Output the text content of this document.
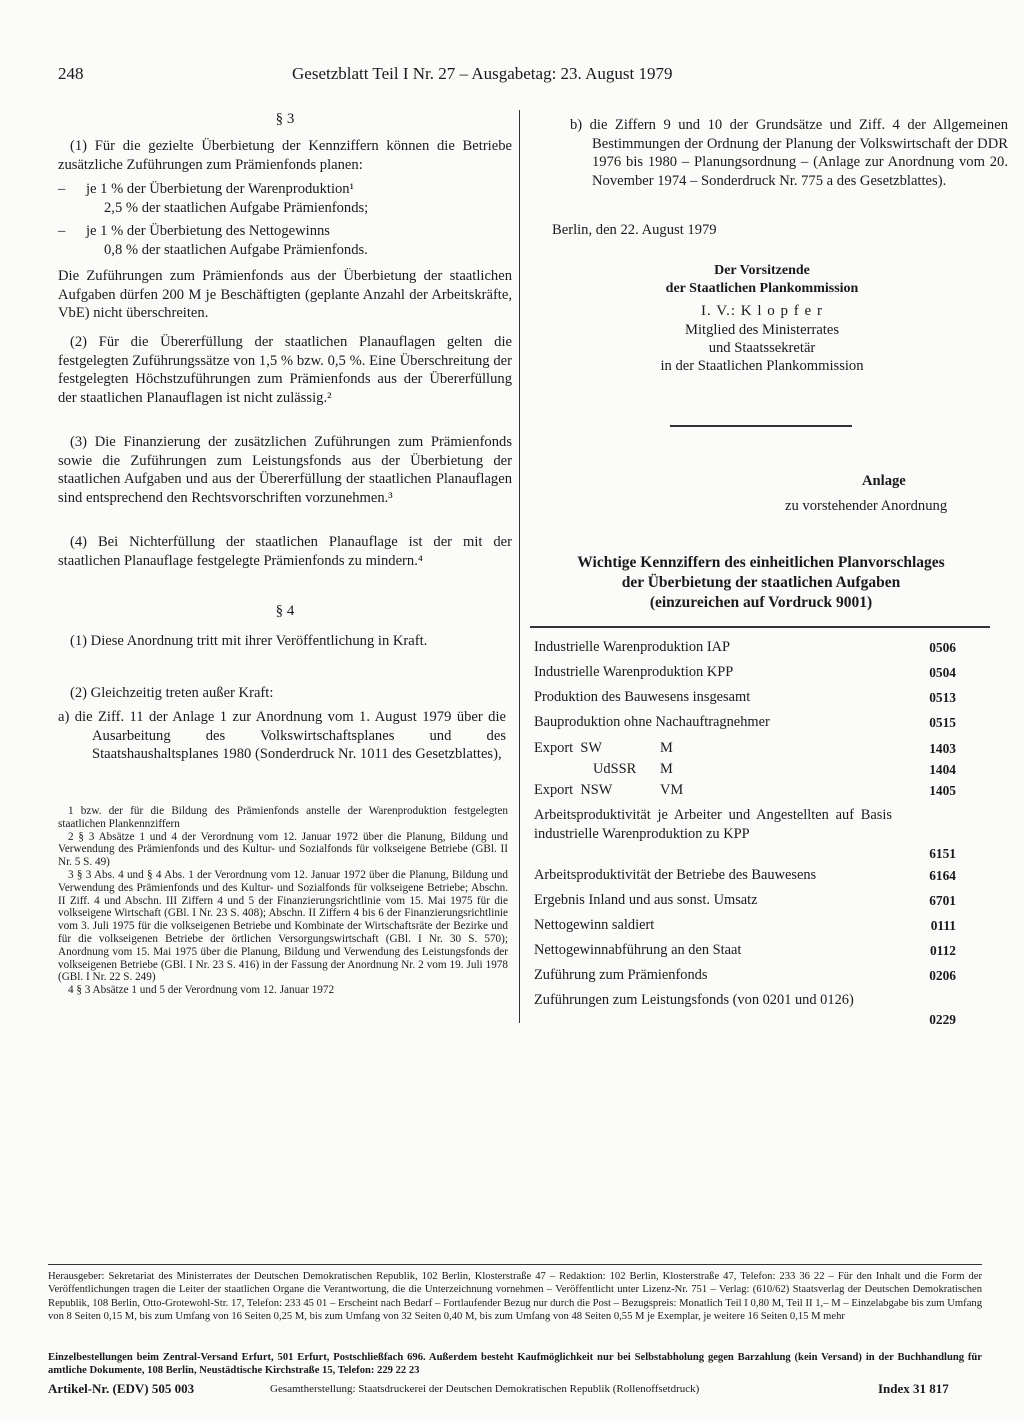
248	Gesetzblatt Teil I Nr. 27 – Ausgabetag: 23. August 1979
§ 3

(1) Für die gezielte Überbietung der Kennziffern können die Betriebe zusätzliche Zuführungen zum Prämienfonds planen:

–	je 1 % der Überbietung der Warenproduktion¹
2,5 % der staatlichen Aufgabe Prämienfonds;
–	je 1 % der Überbietung des Nettogewinns
0,8 % der staatlichen Aufgabe Prämienfonds.

Die Zuführungen zum Prämienfonds aus der Überbietung der staatlichen Aufgaben dürfen 200 M je Beschäftigten (geplante Anzahl der Arbeitskräfte, VbE) nicht überschreiten.

(2) Für die Übererfüllung der staatlichen Planauflagen gelten die festgelegten Zuführungssätze von 1,5 % bzw. 0,5 %. Eine Überschreitung der festgelegten Höchstzuführungen zum Prämienfonds aus der Übererfüllung der staatlichen Planauflagen ist nicht zulässig.²

(3) Die Finanzierung der zusätzlichen Zuführungen zum Prämienfonds sowie die Zuführungen zum Leistungsfonds aus der Überbietung der staatlichen Aufgaben und aus der Übererfüllung der staatlichen Planauflagen sind entsprechend den Rechtsvorschriften vorzunehmen.³

(4) Bei Nichterfüllung der staatlichen Planauflage ist der mit der staatlichen Planauflage festgelegte Prämienfonds zu mindern.⁴

§ 4

(1) Diese Anordnung tritt mit ihrer Veröffentlichung in Kraft.

(2) Gleichzeitig treten außer Kraft:

a) die Ziff. 11 der Anlage 1 zur Anordnung vom 1. August 1979 über die Ausarbeitung des Volkswirtschaftsplanes und des Staatshaushaltsplanes 1980 (Sonderdruck Nr. 1011 des Gesetzblattes),

1 bzw. der für die Bildung des Prämienfonds anstelle der Warenproduktion festgelegten staatlichen Plankennziffern

2 § 3 Absätze 1 und 4 der Verordnung vom 12. Januar 1972 über die Planung, Bildung und Verwendung des Prämienfonds und des Kultur- und Sozialfonds für volkseigene Betriebe (GBl. II Nr. 5 S. 49)

3 § 3 Abs. 4 und § 4 Abs. 1 der Verordnung vom 12. Januar 1972 über die Planung, Bildung und Verwendung des Prämienfonds und des Kultur- und Sozialfonds für volkseigene Betriebe; Abschn. II Ziff. 4 und Abschn. III Ziffern 4 und 5 der Finanzierungsrichtlinie vom 15. Mai 1975 für die volkseigene Wirtschaft (GBl. I Nr. 23 S. 408); Abschn. II Ziffern 4 bis 6 der Finanzierungsrichtlinie vom 3. Juli 1975 für die volkseigenen Betriebe und Kombinate der Wirtschaftsräte der Bezirke und für die volkseigenen Betriebe der örtlichen Versorgungswirtschaft (GBl. I Nr. 30 S. 570); Anordnung vom 15. Mai 1975 über die Planung, Bildung und Verwendung des Leistungsfonds der volkseigenen Betriebe (GBl. I Nr. 23 S. 416) in der Fassung der Anordnung Nr. 2 vom 19. Juli 1978 (GBl. I Nr. 22 S. 249)

4 § 3 Absätze 1 und 5 der Verordnung vom 12. Januar 1972

b) die Ziffern 9 und 10 der Grundsätze und Ziff. 4 der Allgemeinen Bestimmungen der Ordnung der Planung der Volkswirtschaft der DDR 1976 bis 1980 – Planungsordnung – (Anlage zur Anordnung vom 20. November 1974 – Sonderdruck Nr. 775 a des Gesetzblattes).

Berlin, den 22. August 1979
Der Vorsitzende
der Staatlichen Plankommission
I. V.: K l o p f e r
Mitglied des Ministerrates
und Staatssekretär
in der Staatlichen Plankommission
Anlage
zu vorstehender Anordnung
Wichtige Kennziffern des einheitlichen Planvorschlages
der Überbietung der staatlichen Aufgaben
(einzureichen auf Vordruck 9001)
Industrielle Warenproduktion IAP	0506
Industrielle Warenproduktion KPP	0504
Produktion des Bauwesens insgesamt	0513
Bauproduktion ohne Nachauftragnehmer	0515
Export  SW	M	1403
UdSSR M	1404
Export  NSW	VM	1405
Arbeitsproduktivität je Arbeiter und Angestellten auf Basis industrielle Warenproduktion zu KPP
6151
Arbeitsproduktivität der Betriebe des Bauwesens	6164
Ergebnis Inland und aus sonst. Umsatz	6701
Nettogewinn saldiert	0111
Nettogewinnabführung an den Staat	0112
Zuführung zum Prämienfonds	0206
Zuführungen zum Leistungsfonds (von 0201 und 0126)
0229

Herausgeber: Sekretariat des Ministerrates der Deutschen Demokratischen Republik, 102 Berlin, Klosterstraße 47 – Redaktion: 102 Berlin, Klosterstraße 47, Telefon: 233 36 22 – Für den Inhalt und die Form der Veröffentlichungen tragen die Leiter der staatlichen Organe die Verantwortung, die die Unterzeichnung vornehmen – Veröffentlicht unter Lizenz-Nr. 751 – Verlag: (610/62) Staatsverlag der Deutschen Demokratischen Republik, 108 Berlin, Otto-Grotewohl-Str. 17, Telefon: 233 45 01 – Erscheint nach Bedarf – Fortlaufender Bezug nur durch die Post – Bezugspreis: Monatlich Teil I 0,80 M, Teil II 1,– M – Einzelabgabe bis zum Umfang von 8 Seiten 0,15 M, bis zum Umfang von 16 Seiten 0,25 M, bis zum Umfang von 32 Seiten 0,40 M, bis zum Umfang von 48 Seiten 0,55 M je Exemplar, je weitere 16 Seiten 0,15 M mehr

Einzelbestellungen beim Zentral-Versand Erfurt, 501 Erfurt, Postschließfach 696. Außerdem besteht Kaufmöglichkeit nur bei Selbstabholung gegen Barzahlung (kein Versand) in der Buchhandlung für amtliche Dokumente, 108 Berlin, Neustädtische Kirchstraße 15, Telefon: 229 22 23

Artikel-Nr. (EDV) 505 003	Gesamtherstellung: Staatsdruckerei der Deutschen Demokratischen Republik (Rollenoffsetdruck)	Index 31 817
